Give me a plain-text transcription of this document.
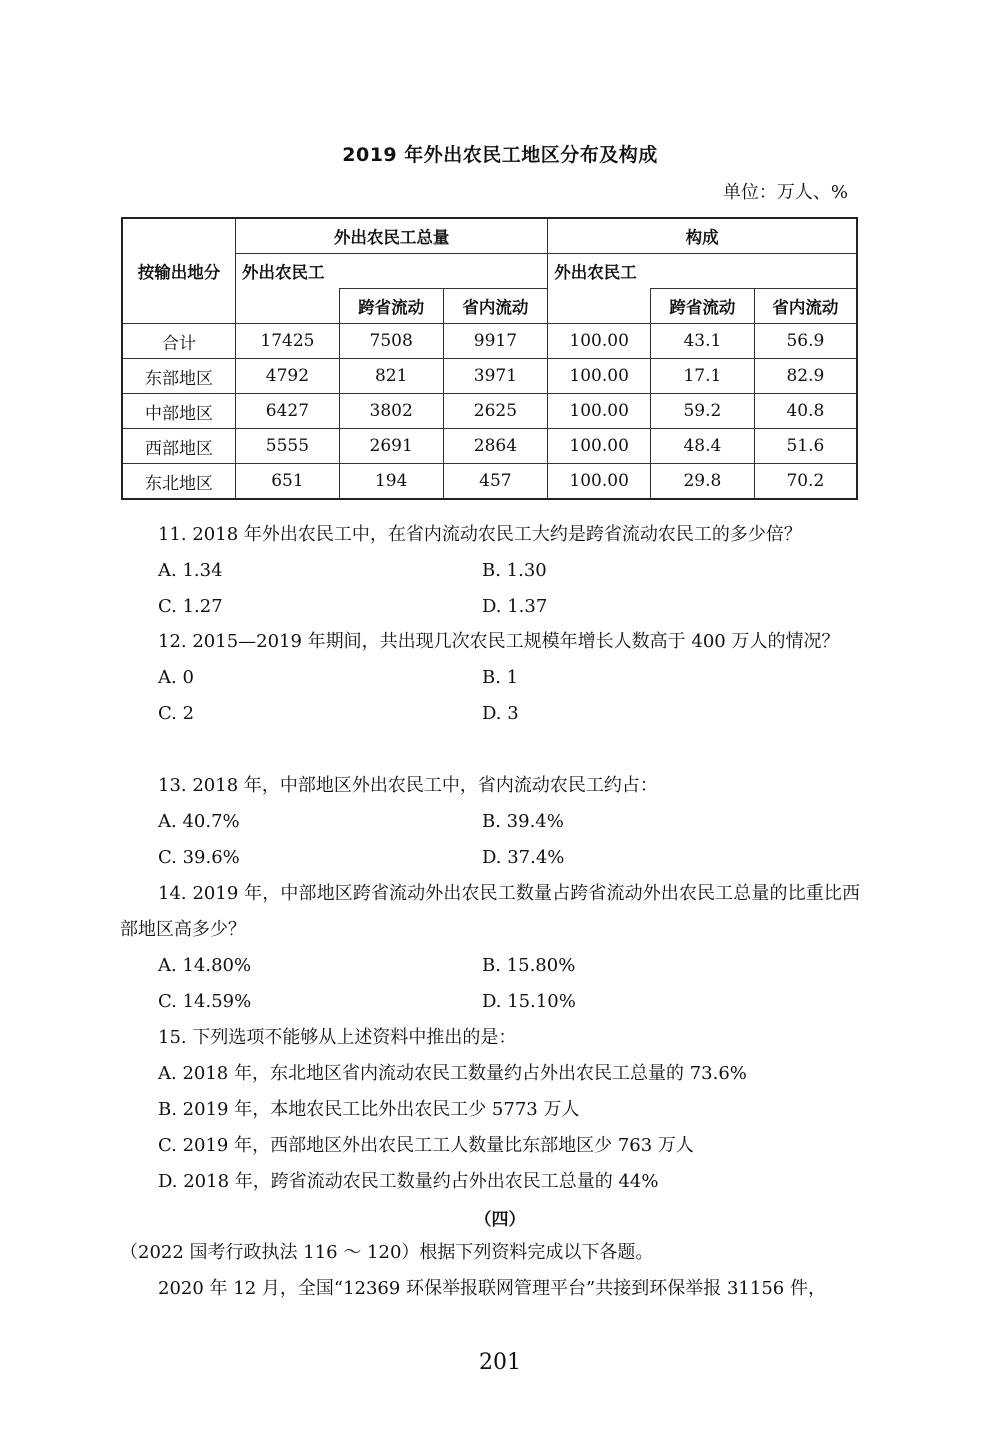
2019 年外出农民工地区分布及构成
单位：万人、%
按输出地分	外出农民工总量			构成		
	外出农民工			外出农民工		
		跨省流动	省内流动		跨省流动	省内流动
合计	17425	7508	9917	100.00	43.1	56.9
东部地区	4792	821	3971	100.00	17.1	82.9
中部地区	6427	3802	2625	100.00	59.2	40.8
西部地区	5555	2691	2864	100.00	48.4	51.6
东北地区	651	194	457	100.00	29.8	70.2
11. 2018 年外出农民工中，在省内流动农民工大约是跨省流动农民工的多少倍？
A. 1.34	B. 1.30
C. 1.27	D. 1.37
12. 2015—2019 年期间，共出现几次农民工规模年增长人数高于 400 万人的情况？
A. 0	B. 1
C. 2	D. 3
13. 2018 年，中部地区外出农民工中，省内流动农民工约占：
A. 40.7%	B. 39.4%
C. 39.6%	D. 37.4%
14. 2019 年，中部地区跨省流动外出农民工数量占跨省流动外出农民工总量的比重比西部地区高多少？
A. 14.80%	B. 15.80%
C. 14.59%	D. 15.10%
15. 下列选项不能够从上述资料中推出的是：
A. 2018 年，东北地区省内流动农民工数量约占外出农民工总量的 73.6%
B. 2019 年，本地农民工比外出农民工少 5773 万人
C. 2019 年，西部地区外出农民工工人数量比东部地区少 763 万人
D. 2018 年，跨省流动农民工数量约占外出农民工总量的 44%
（四）
（2022 国考行政执法 116 ～ 120）根据下列资料完成以下各题。
2020 年 12 月，全国“12369 环保举报联网管理平台”共接到环保举报 31156 件，
201
